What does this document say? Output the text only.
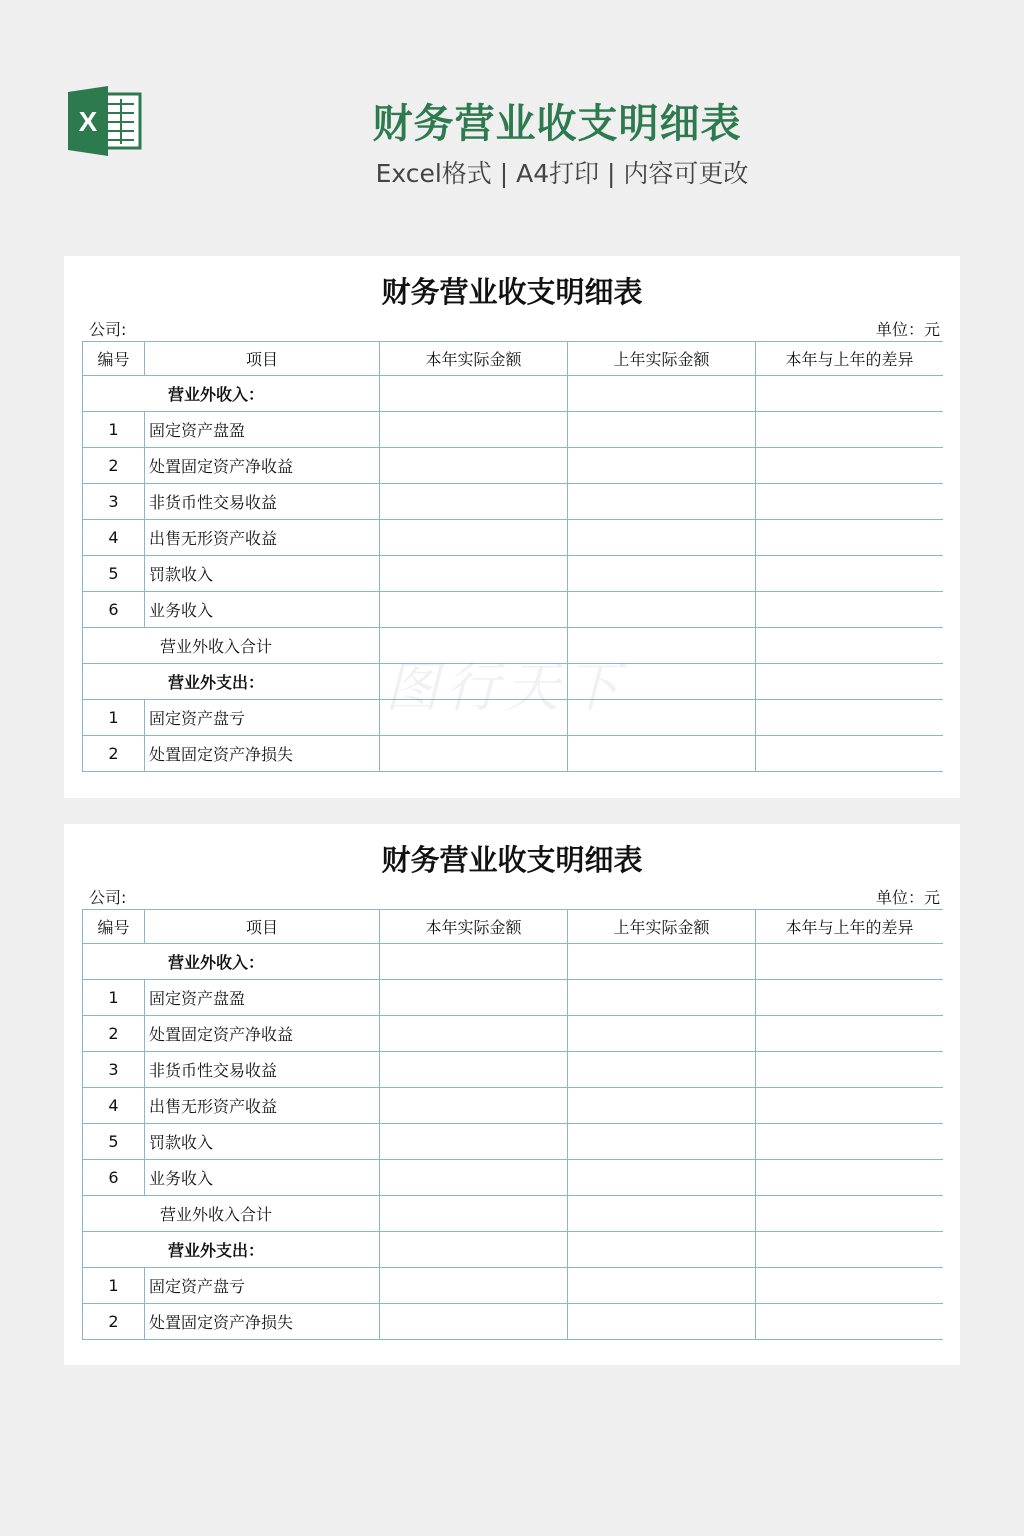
X	财务营业收支明细表
Excel格式 | A4打印 | 内容可更改
财务营业收支明细表
公司:	单位：元
编号	项目	本年实际金额	上年实际金额	本年与上年的差异
营业外收入：				
1	固定资产盘盈			
2	处置固定资产净收益			
3	非货币性交易收益			
4	出售无形资产收益			
5	罚款收入			
6	业务收入			
营业外收入合计				
营业外支出：				
1	固定资产盘亏			
2	处置固定资产净损失			
财务营业收支明细表
公司:	单位：元
编号	项目	本年实际金额	上年实际金额	本年与上年的差异
营业外收入：				
1	固定资产盘盈			
2	处置固定资产净收益			
3	非货币性交易收益			
4	出售无形资产收益			
5	罚款收入			
6	业务收入			
营业外收入合计				
营业外支出：				
1	固定资产盘亏			
2	处置固定资产净损失			
